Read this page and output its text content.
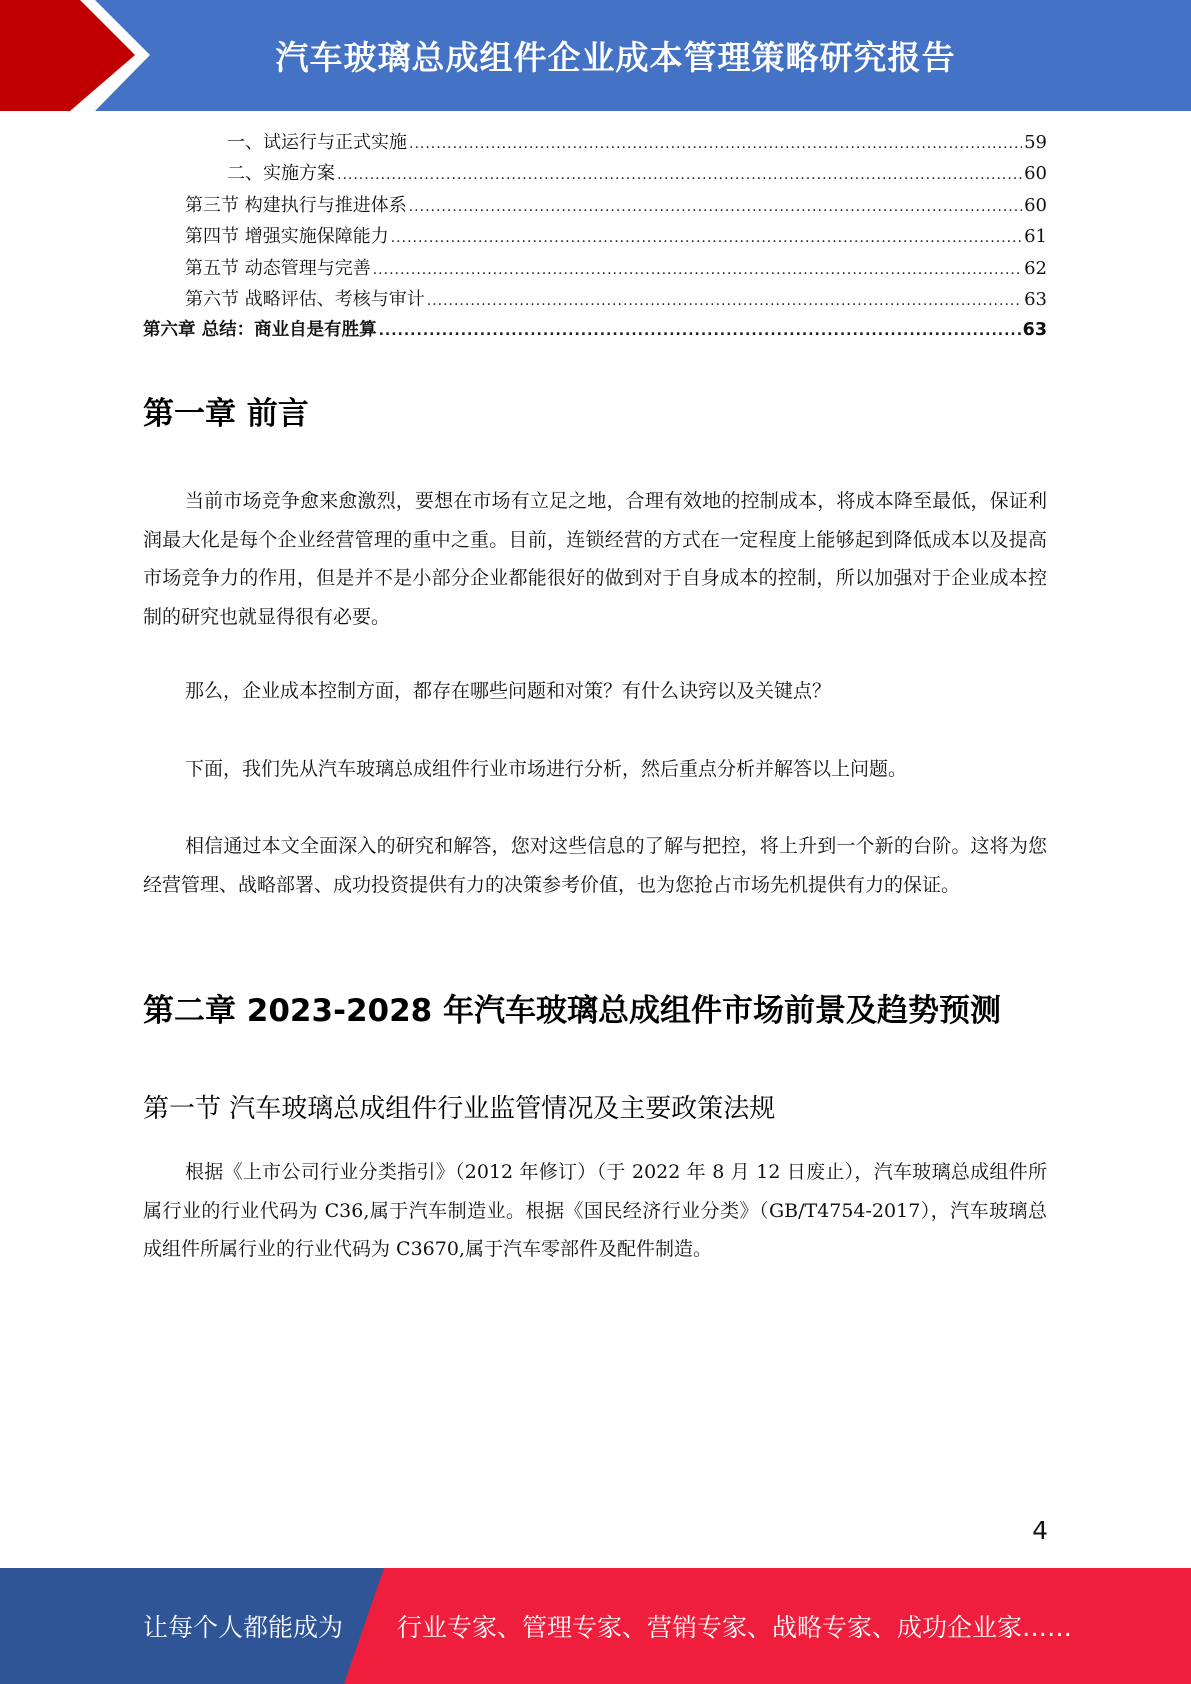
汽车玻璃总成组件企业成本管理策略研究报告
一、试运行与正式实施 .....	59
二、实施方案 .....	60
第三节 构建执行与推进体系 .....	60
第四节 增强实施保障能力 .....	61
第五节 动态管理与完善 .....	62
第六节 战略评估、考核与审计 .....	63
第六章 总结：商业自是有胜算 .....	63
第一章 前言

当前市场竞争愈来愈激烈，要想在市场有立足之地，合理有效地的控制成本，将成本降至最低，保证利润最大化是每个企业经营管理的重中之重。目前，连锁经营的方式在一定程度上能够起到降低成本以及提高市场竞争力的作用，但是并不是小部分企业都能很好的做到对于自身成本的控制，所以加强对于企业成本控制的研究也就显得很有必要。

那么，企业成本控制方面，都存在哪些问题和对策？有什么诀窍以及关键点？

下面，我们先从汽车玻璃总成组件行业市场进行分析，然后重点分析并解答以上问题。

相信通过本文全面深入的研究和解答，您对这些信息的了解与把控，将上升到一个新的台阶。这将为您经营管理、战略部署、成功投资提供有力的决策参考价值，也为您抢占市场先机提供有力的保证。

第二章 2023-2028 年汽车玻璃总成组件市场前景及趋势预测
第一节 汽车玻璃总成组件行业监管情况及主要政策法规

根据《上市公司行业分类指引》（2012 年修订）（于 2022 年 8 月 12 日废止），汽车玻璃总成组件所属行业的行业代码为 C36,属于汽车制造业。根据《国民经济行业分类》（GB/T4754-2017），汽车玻璃总成组件所属行业的行业代码为 C3670,属于汽车零部件及配件制造。

4
让每个人都能成为 行业专家、管理专家、营销专家、战略专家、成功企业家……
